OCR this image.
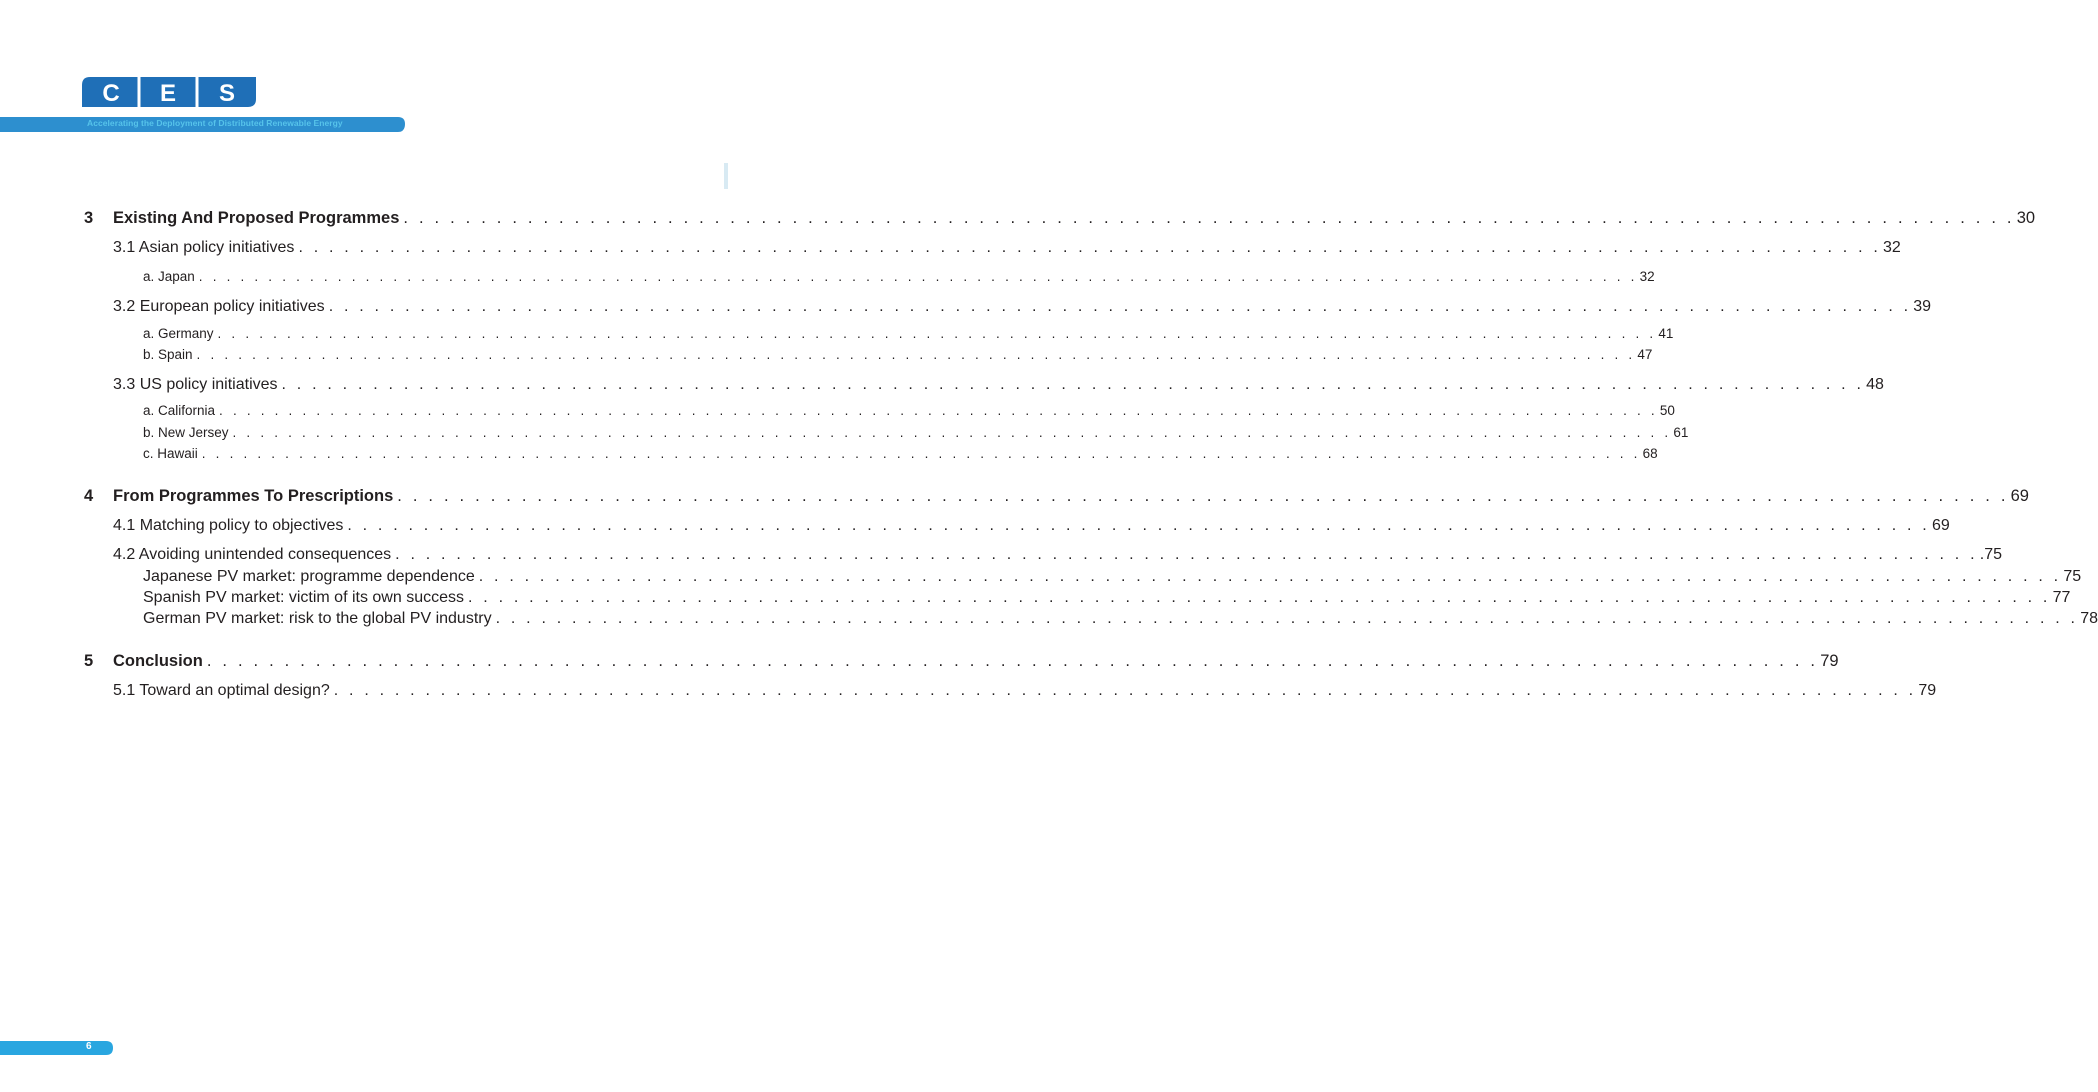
C E S
Accelerating the Deployment of Distributed Renewable Energy
3 Existing And Proposed Programmes . . . . . . . . . . . . . . . . . . . . . . . . . . . . . . . . . . . . . . . . . . . . . . . . . . . . . . . . . . . . . . . . . . . . . . . . . . . . . . . . . . . . . . . . . . . . . . . . . . . . . . . . 30
3.1 Asian policy initiatives . . . . . . . . . . . . . . . . . . . . . . . . . . . . . . . . . . . . . . . . . . . . . . . . . . . . . . . . . . . . . . . . . . . . . . . . . . . . . . . . . . . . . . . . . . . . . . . . . . . . . . . . 32
a. Japan . . . . . . . . . . . . . . . . . . . . . . . . . . . . . . . . . . . . . . . . . . . . . . . . . . . . . . . . . . . . . . . . . . . . . . . . . . . . . . . . . . . . . . . . . . . . . . . . . . . . . . . . 32
3.2 European policy initiatives . . . . . . . . . . . . . . . . . . . . . . . . . . . . . . . . . . . . . . . . . . . . . . . . . . . . . . . . . . . . . . . . . . . . . . . . . . . . . . . . . . . . . . . . . . . . . . . . . . . . . . . . 39
a. Germany . . . . . . . . . . . . . . . . . . . . . . . . . . . . . . . . . . . . . . . . . . . . . . . . . . . . . . . . . . . . . . . . . . . . . . . . . . . . . . . . . . . . . . . . . . . . . . . . . . . . . . . . 41
b. Spain . . . . . . . . . . . . . . . . . . . . . . . . . . . . . . . . . . . . . . . . . . . . . . . . . . . . . . . . . . . . . . . . . . . . . . . . . . . . . . . . . . . . . . . . . . . . . . . . . . . . . . . . 47
3.3 US policy initiatives . . . . . . . . . . . . . . . . . . . . . . . . . . . . . . . . . . . . . . . . . . . . . . . . . . . . . . . . . . . . . . . . . . . . . . . . . . . . . . . . . . . . . . . . . . . . . . . . . . . . . . . . 48
a. California . . . . . . . . . . . . . . . . . . . . . . . . . . . . . . . . . . . . . . . . . . . . . . . . . . . . . . . . . . . . . . . . . . . . . . . . . . . . . . . . . . . . . . . . . . . . . . . . . . . . . . . . 50
b. New Jersey . . . . . . . . . . . . . . . . . . . . . . . . . . . . . . . . . . . . . . . . . . . . . . . . . . . . . . . . . . . . . . . . . . . . . . . . . . . . . . . . . . . . . . . . . . . . . . . . . . . . . . . . 61
c. Hawaii . . . . . . . . . . . . . . . . . . . . . . . . . . . . . . . . . . . . . . . . . . . . . . . . . . . . . . . . . . . . . . . . . . . . . . . . . . . . . . . . . . . . . . . . . . . . . . . . . . . . . . . . 68
4 From Programmes To Prescriptions . . . . . . . . . . . . . . . . . . . . . . . . . . . . . . . . . . . . . . . . . . . . . . . . . . . . . . . . . . . . . . . . . . . . . . . . . . . . . . . . . . . . . . . . . . . . . . . . . . . . . . . . 69
4.1 Matching policy to objectives . . . . . . . . . . . . . . . . . . . . . . . . . . . . . . . . . . . . . . . . . . . . . . . . . . . . . . . . . . . . . . . . . . . . . . . . . . . . . . . . . . . . . . . . . . . . . . . . . . . . . . . . 69
4.2 Avoiding unintended consequences . . . . . . . . . . . . . . . . . . . . . . . . . . . . . . . . . . . . . . . . . . . . . . . . . . . . . . . . . . . . . . . . . . . . . . . . . . . . . . . . . . . . . . . . . . . . . . . . . . . . . . . . .75
Japanese PV market: programme dependence . . . . . . . . . . . . . . . . . . . . . . . . . . . . . . . . . . . . . . . . . . . . . . . . . . . . . . . . . . . . . . . . . . . . . . . . . . . . . . . . . . . . . . . . . . . . . . . . . . . . . . . . 75
Spanish PV market: victim of its own success . . . . . . . . . . . . . . . . . . . . . . . . . . . . . . . . . . . . . . . . . . . . . . . . . . . . . . . . . . . . . . . . . . . . . . . . . . . . . . . . . . . . . . . . . . . . . . . . . . . . . . . . 77
German PV market: risk to the global PV industry . . . . . . . . . . . . . . . . . . . . . . . . . . . . . . . . . . . . . . . . . . . . . . . . . . . . . . . . . . . . . . . . . . . . . . . . . . . . . . . . . . . . . . . . . . . . . . . . . . . . . . . . 78
5 Conclusion . . . . . . . . . . . . . . . . . . . . . . . . . . . . . . . . . . . . . . . . . . . . . . . . . . . . . . . . . . . . . . . . . . . . . . . . . . . . . . . . . . . . . . . . . . . . . . . . . . . . . . . . 79
5.1 Toward an optimal design? . . . . . . . . . . . . . . . . . . . . . . . . . . . . . . . . . . . . . . . . . . . . . . . . . . . . . . . . . . . . . . . . . . . . . . . . . . . . . . . . . . . . . . . . . . . . . . . . . . . . . . . . 79
6
